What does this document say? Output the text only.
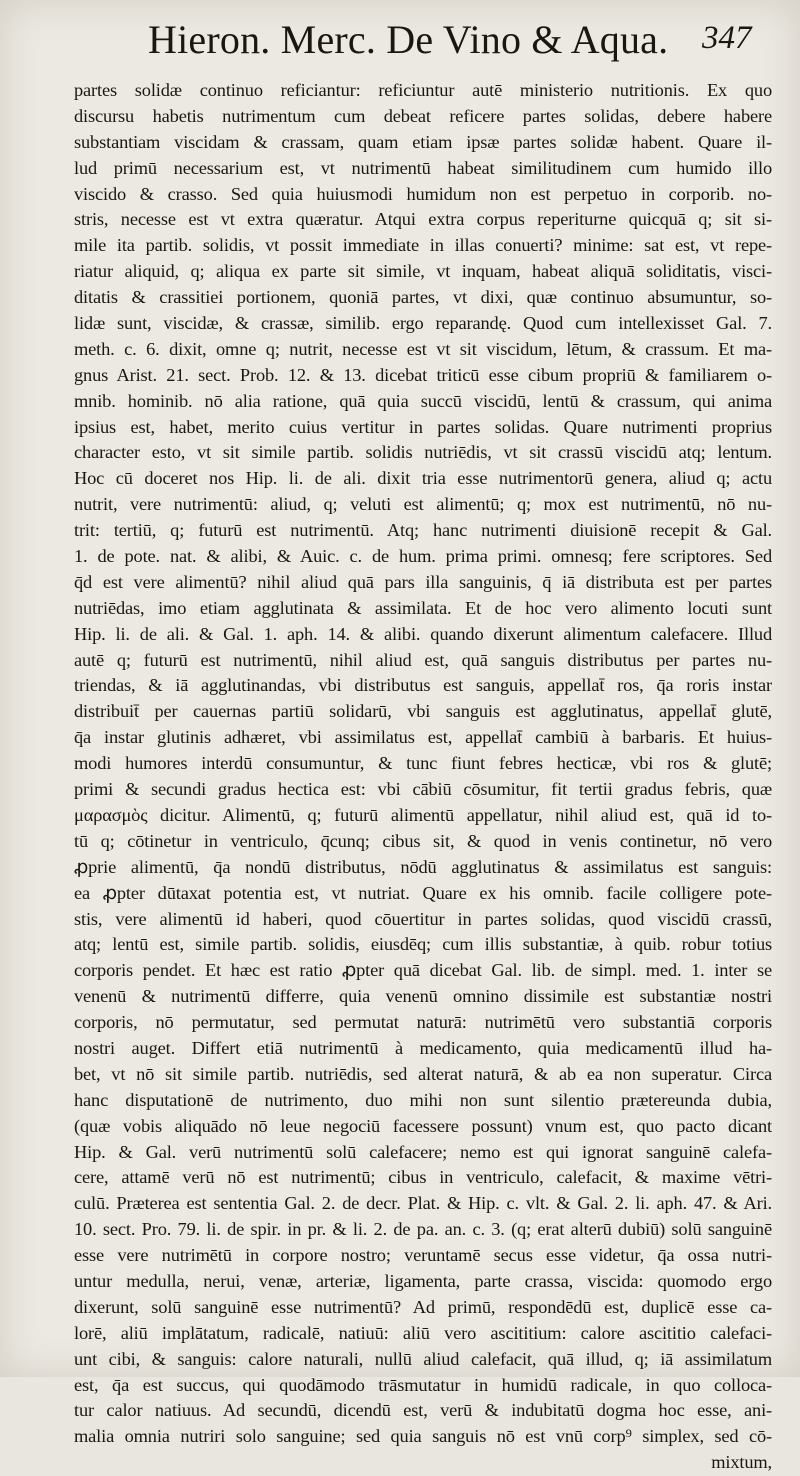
Hieron. Merc. De Vino & Aqua. 347
partes solidæ continuo reficiantur: reficiuntur autē ministerio nutritionis. Ex quo
discursu habetis nutrimentum cum debeat reficere partes solidas, debere habere
substantiam viscidam & crassam, quam etiam ipsæ partes solidæ habent. Quare il-
lud primū necessarium est, vt nutrimentū habeat similitudinem cum humido illo
viscido & crasso. Sed quia huiusmodi humidum non est perpetuo in corporib. no-
stris, necesse est vt extra quæratur. Atqui extra corpus reperiturne quicquā q; sit si-
mile ita partib. solidis, vt possit immediate in illas conuerti? minime: sat est, vt repe-
riatur aliquid, q; aliqua ex parte sit simile, vt inquam, habeat aliquā soliditatis, visci-
ditatis & crassitiei portionem, quoniā partes, vt dixi, quæ continuo absumuntur, so-
lidæ sunt, viscidæ, & crassæ, similib. ergo reparandę. Quod cum intellexisset Gal. 7.
meth. c. 6. dixit, omne q; nutrit, necesse est vt sit viscidum, lētum, & crassum. Et ma-
gnus Arist. 21. sect. Prob. 12. & 13. dicebat triticū esse cibum propriū & familiarem o-
mnib. hominib. nō alia ratione, quā quia succū viscidū, lentū & crassum, qui anima
ipsius est, habet, merito cuius vertitur in partes solidas. Quare nutrimenti proprius
character esto, vt sit simile partib. solidis nutriēdis, vt sit crassū viscidū atq; lentum.
Hoc cū doceret nos Hip. li. de ali. dixit tria esse nutrimentorū genera, aliud q; actu
nutrit, vere nutrimentū: aliud, q; veluti est alimentū; q; mox est nutrimentū, nō nu-
trit: tertiū, q; futurū est nutrimentū. Atq; hanc nutrimenti diuisionē recepit & Gal.
1. de pote. nat. & alibi, & Auic. c. de hum. prima primi. omnesq; fere scriptores. Sed
q̄d est vere alimentū? nihil aliud quā pars illa sanguinis, q̄ iā distributa est per partes
nutriēdas, imo etiam agglutinata & assimilata. Et de hoc vero alimento locuti sunt
Hip. li. de ali. & Gal. 1. aph. 14. & alibi. quando dixerunt alimentum calefacere. Illud
autē q; futurū est nutrimentū, nihil aliud est, quā sanguis distributus per partes nu-
triendas, & iā agglutinandas, vbi distributus est sanguis, appellat̄ ros, q̄a roris instar
distribuit̄ per cauernas partiū solidarū, vbi sanguis est agglutinatus, appellat̄ glutē,
q̄a instar glutinis adhæret, vbi assimilatus est, appellat̄ cambiū à barbaris. Et huius-
modi humores interdū consumuntur, & tunc fiunt febres hecticæ, vbi ros & glutē;
primi & secundi gradus hectica est: vbi cābiū cōsumitur, fit tertii gradus febris, quæ
μαρασμὸς dicitur. Alimentū, q; futurū alimentū appellatur, nihil aliud est, quā id to-
tū q; cōtinetur in ventriculo, q̄cunq; cibus sit, & quod in venis continetur, nō vero
ꝓprie alimentū, q̄a nondū distributus, nōdū agglutinatus & assimilatus est sanguis:
ea ꝓpter dūtaxat potentia est, vt nutriat. Quare ex his omnib. facile colligere pote-
stis, vere alimentū id haberi, quod cōuertitur in partes solidas, quod viscidū crassū,
atq; lentū est, simile partib. solidis, eiusdēq; cum illis substantiæ, à quib. robur totius
corporis pendet. Et hæc est ratio ꝓpter quā dicebat Gal. lib. de simpl. med. 1. inter se
venenū & nutrimentū differre, quia venenū omnino dissimile est substantiæ nostri
corporis, nō permutatur, sed permutat naturā: nutrimētū vero substantiā corporis
nostri auget. Differt etiā nutrimentū à medicamento, quia medicamentū illud ha-
bet, vt nō sit simile partib. nutriēdis, sed alterat naturā, & ab ea non superatur. Circa
hanc disputationē de nutrimento, duo mihi non sunt silentio prætereunda dubia,
(quæ vobis aliquādo nō leue negociū facessere possunt) vnum est, quo pacto dicant
Hip. & Gal. verū nutrimentū solū calefacere; nemo est qui ignorat sanguinē calefa-
cere, attamē verū nō est nutrimentū; cibus in ventriculo, calefacit, & maxime vētri-
culū. Præterea est sententia Gal. 2. de decr. Plat. & Hip. c. vlt. & Gal. 2. li. aph. 47. & Ari.
10. sect. Pro. 79. li. de spir. in pr. & li. 2. de pa. an. c. 3. (q; erat alterū dubiū) solū sanguinē
esse vere nutrimētū in corpore nostro; veruntamē secus esse videtur, q̄a ossa nutri-
untur medulla, nerui, venæ, arteriæ, ligamenta, parte crassa, viscida: quomodo ergo
dixerunt, solū sanguinē esse nutrimentū? Ad primū, respondēdū est, duplicē esse ca-
lorē, aliū implātatum, radicalē, natiuū: aliū vero ascititium: calore ascititio calefaci-
unt cibi, & sanguis: calore naturali, nullū aliud calefacit, quā illud, q; iā assimilatum
est, q̄a est succus, qui quodāmodo trāsmutatur in humidū radicale, in quo colloca-
tur calor natiuus. Ad secundū, dicendū est, verū & indubitatū dogma hoc esse, ani-
malia omnia nutriri solo sanguine; sed quia sanguis nō est vnū corp⁹ simplex, sed cō-
mixtum,
